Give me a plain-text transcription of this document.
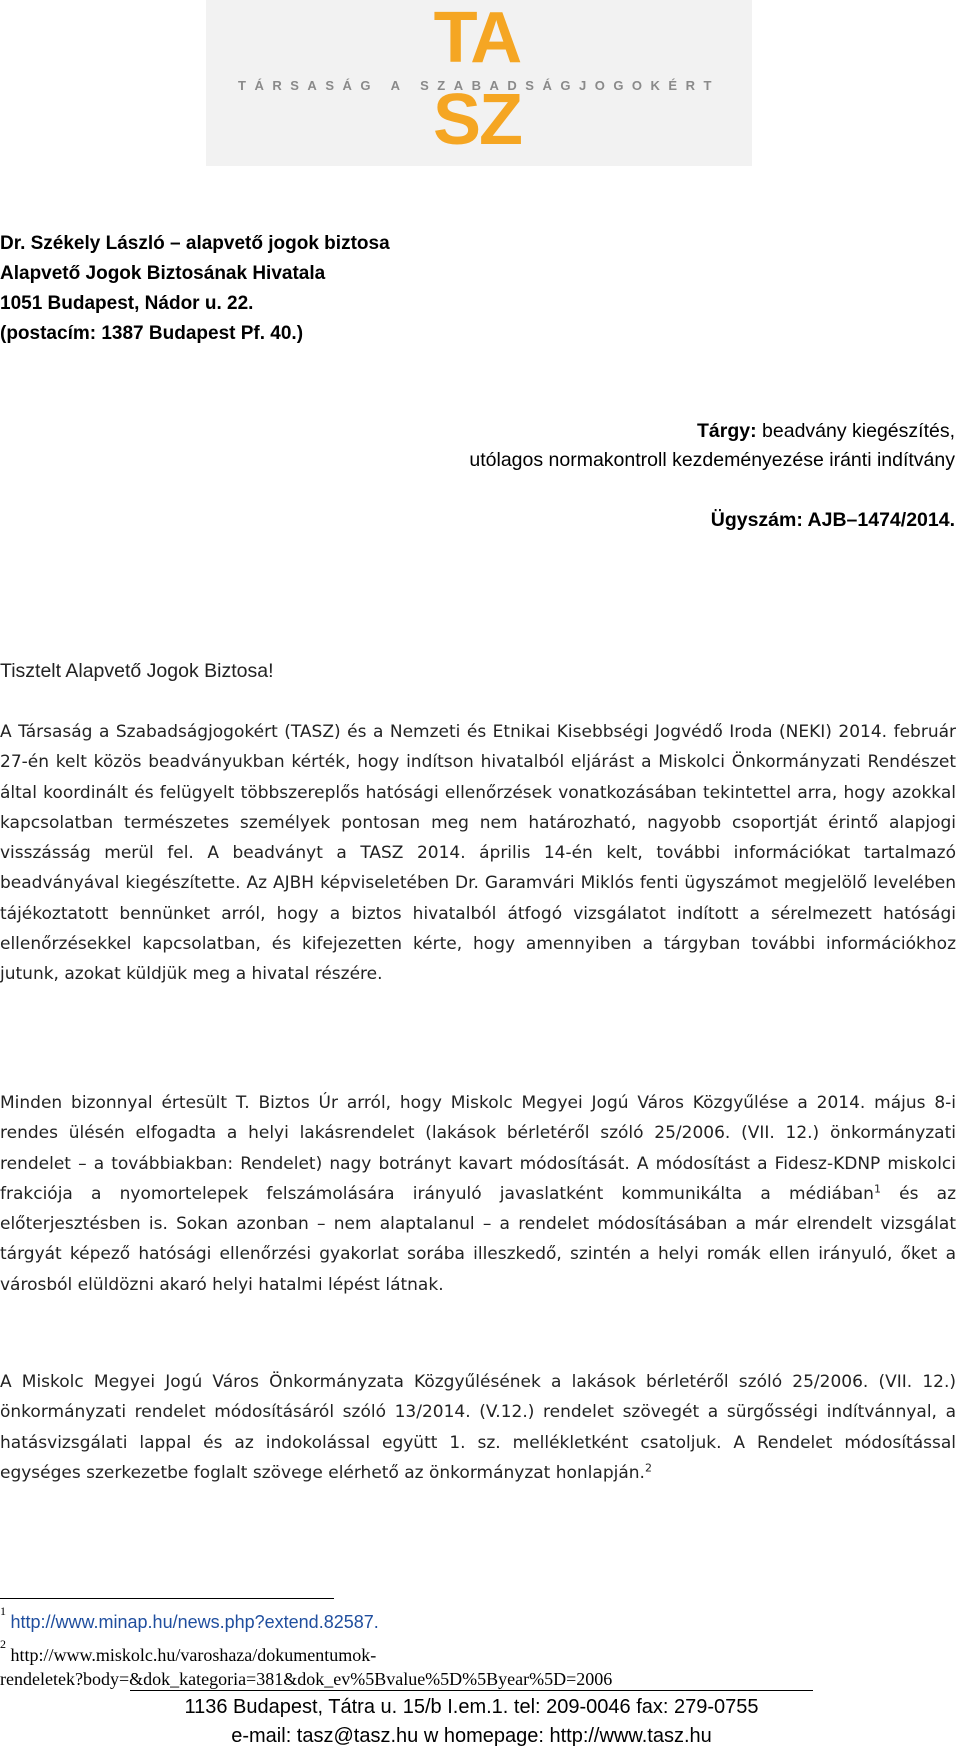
TA
SZ
TÁRSASÁG A SZABADSÁGJOGOKÉRT
Dr. Székely László – alapvető jogok biztosa
Alapvető Jogok Biztosának Hivatala
1051 Budapest, Nádor u. 22.
(postacím: 1387 Budapest Pf. 40.)
Tárgy: beadvány kiegészítés,
utólagos normakontroll kezdeményezése iránti indítvány
Ügyszám: AJB–1474/2014.
Tisztelt Alapvető Jogok Biztosa!
A Társaság a Szabadságjogokért (TASZ) és a Nemzeti és Etnikai Kisebbségi Jogvédő Iroda (NEKI) 2014. február 27-én kelt közös beadványukban kérték, hogy indítson hivatalból eljárást a Miskolci Önkormányzati Rendészet által koordinált és felügyelt többszereplős hatósági ellenőrzések vonatkozásában tekintettel arra, hogy azokkal kapcsolatban természetes személyek pontosan meg nem határozható, nagyobb csoportját érintő alapjogi visszásság merül fel. A beadványt a TASZ 2014. április 14-én kelt, további információkat tartalmazó beadványával kiegészítette. Az AJBH képviseletében Dr. Garamvári Miklós fenti ügyszámot megjelölő levelében tájékoztatott bennünket arról, hogy a biztos hivatalból átfogó vizsgálatot indított a sérelmezett hatósági ellenőrzésekkel kapcsolatban, és kifejezetten kérte, hogy amennyiben a tárgyban további információkhoz jutunk, azokat küldjük meg a hivatal részére.
Minden bizonnyal értesült T. Biztos Úr arról, hogy Miskolc Megyei Jogú Város Közgyűlése a 2014. május 8-i rendes ülésén elfogadta a helyi lakásrendelet (lakások bérletéről szóló 25/2006. (VII. 12.) önkormányzati rendelet – a továbbiakban: Rendelet) nagy botrányt kavart módosítását. A módosítást a Fidesz-KDNP miskolci frakciója a nyomortelepek felszámolására irányuló javaslatként kommunikálta a médiában$^1$ és az előterjesztésben is. Sokan azonban – nem alaptalanul – a rendelet módosításában a már elrendelt vizsgálat tárgyát képező hatósági ellenőrzési gyakorlat sorába illeszkedő, szintén a helyi romák ellen irányuló, őket a városból elüldözni akaró helyi hatalmi lépést látnak.
A Miskolc Megyei Jogú Város Önkormányzata Közgyűlésének a lakások bérletéről szóló 25/2006. (VII. 12.) önkormányzati rendelet módosításáról szóló 13/2014. (V.12.) rendelet szövegét a sürgősségi indítvánnyal, a hatásvizsgálati lappal és az indokolással együtt 1. sz. mellékletként csatoljuk. A Rendelet módosítással egységes szerkezetbe foglalt szövege elérhető az önkormányzat honlapján.$^2$
$^1$ http://www.minap.hu/news.php?extend.82587.
$^2$ http://www.miskolc.hu/varoshaza/dokumentumok-
rendeletek?body=&dok_kategoria=381&dok_ev%5Bvalue%5D%5Byear%5D=2006
1136 Budapest, Tátra u. 15/b I.em.1. tel: 209-0046 fax: 279-0755
e-mail: tasz@tasz.hu w homepage: http://www.tasz.hu
